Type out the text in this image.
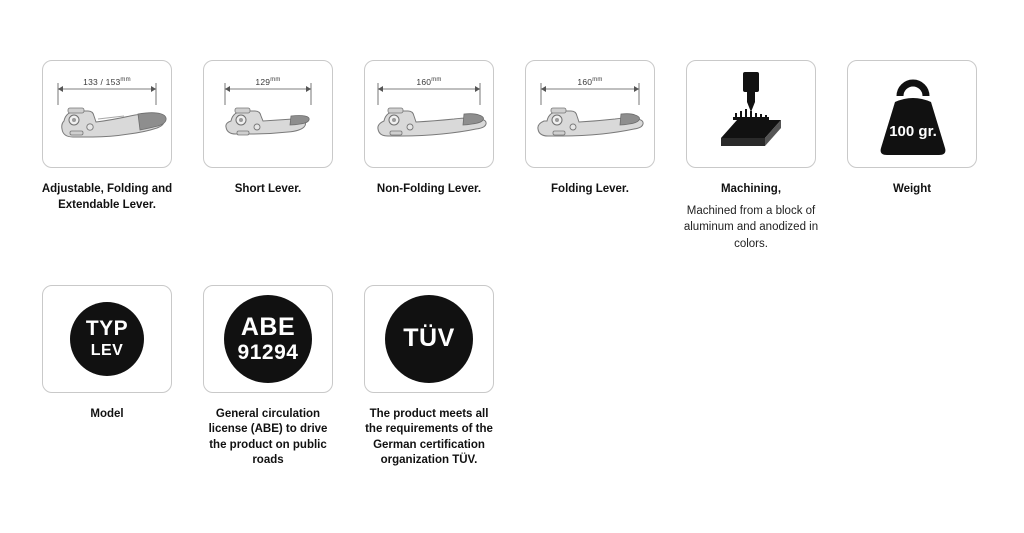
$133 / 153^{mm}$
Adjustable, Folding and Extendable Lever.
$129^{mm}$
Short Lever.
$160^{mm}$
Non-Folding Lever.
$160^{mm}$
Folding Lever.	Machining,
Machined from a block of aluminum and anodized in colors.
100 gr.
Weight
TYP
LEV
Model
ABE
91294
General circulation license (ABE) to drive the product on public roads
TÜV
The product meets all the requirements of the German certification organization TÜV.
